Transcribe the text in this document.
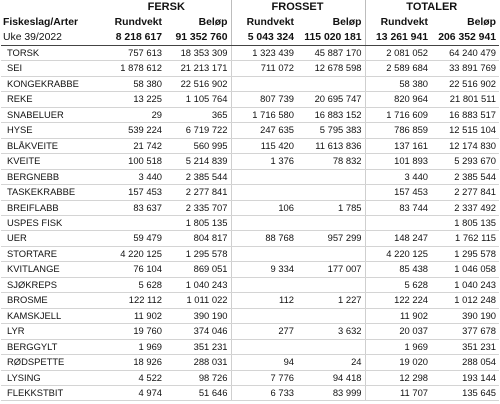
	FERSK		FROSSET		TOTALER	
Fiskeslag/Arter	Rundvekt	Beløp	Rundvekt	Beløp	Rundvekt	Beløp
Uke 39/2022	8 218 617	91 352 760	5 043 324	115 020 181	13 261 941	206 352 941
TORSK	757 613	18 353 309	1 323 439	45 887 170	2 081 052	64 240 479
SEI	1 878 612	21 213 171	711 072	12 678 598	2 589 684	33 891 769
KONGEKRABBE	58 380	22 516 902			58 380	22 516 902
REKE	13 225	1 105 764	807 739	20 695 747	820 964	21 801 511
SNABELUER	29	365	1 716 580	16 883 152	1 716 609	16 883 517
HYSE	539 224	6 719 722	247 635	5 795 383	786 859	12 515 104
BLÅKVEITE	21 742	560 995	115 420	11 613 836	137 161	12 174 830
KVEITE	100 518	5 214 839	1 376	78 832	101 893	5 293 670
BERGNEBB	3 440	2 385 544			3 440	2 385 544
TASKEKRABBE	157 453	2 277 841			157 453	2 277 841
BREIFLABB	83 637	2 335 707	106	1 785	83 744	2 337 492
USPES FISK		1 805 135				1 805 135
UER	59 479	804 817	88 768	957 299	148 247	1 762 115
STORTARE	4 220 125	1 295 578			4 220 125	1 295 578
KVITLANGE	76 104	869 051	9 334	177 007	85 438	1 046 058
SJØKREPS	5 628	1 040 243			5 628	1 040 243
BROSME	122 112	1 011 022	112	1 227	122 224	1 012 248
KAMSKJELL	11 902	390 190			11 902	390 190
LYR	19 760	374 046	277	3 632	20 037	377 678
BERGGYLT	1 969	351 231			1 969	351 231
RØDSPETTE	18 926	288 031	94	24	19 020	288 054
LYSING	4 522	98 726	7 776	94 418	12 298	193 144
FLEKKSTBIT	4 974	51 646	6 733	83 999	11 707	135 645
